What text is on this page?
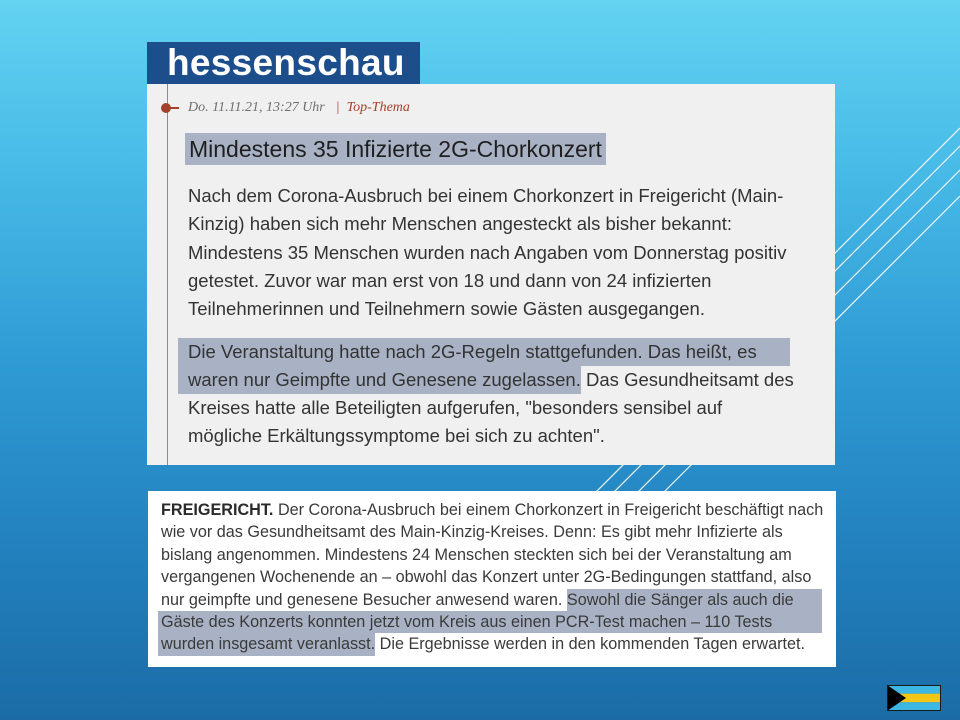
hessenschau
Do. 11.11.21, 13:27 Uhr | Top-Thema
Mindestens 35 Infizierte 2G-Chorkonzert
Nach dem Corona-Ausbruch bei einem Chorkonzert in Freigericht (Main-
Kinzig) haben sich mehr Menschen angesteckt als bisher bekannt:
Mindestens 35 Menschen wurden nach Angaben vom Donnerstag positiv
getestet. Zuvor war man erst von 18 und dann von 24 infizierten
Teilnehmerinnen und Teilnehmern sowie Gästen ausgegangen.
Die Veranstaltung hatte nach 2G-Regeln stattgefunden. Das heißt, es
waren nur Geimpfte und Genesene zugelassen. Das Gesundheitsamt des
Kreises hatte alle Beteiligten aufgerufen, "besonders sensibel auf
mögliche Erkältungssymptome bei sich zu achten".
FREIGERICHT. Der Corona-Ausbruch bei einem Chorkonzert in Freigericht beschäftigt nach
wie vor das Gesundheitsamt des Main-Kinzig-Kreises. Denn: Es gibt mehr Infizierte als
bislang angenommen. Mindestens 24 Menschen steckten sich bei der Veranstaltung am
vergangenen Wochenende an – obwohl das Konzert unter 2G-Bedingungen stattfand, also
nur geimpfte und genesene Besucher anwesend waren. Sowohl die Sänger als auch die
Gäste des Konzerts konnten jetzt vom Kreis aus einen PCR-Test machen – 110 Tests
wurden insgesamt veranlasst. Die Ergebnisse werden in den kommenden Tagen erwartet.
